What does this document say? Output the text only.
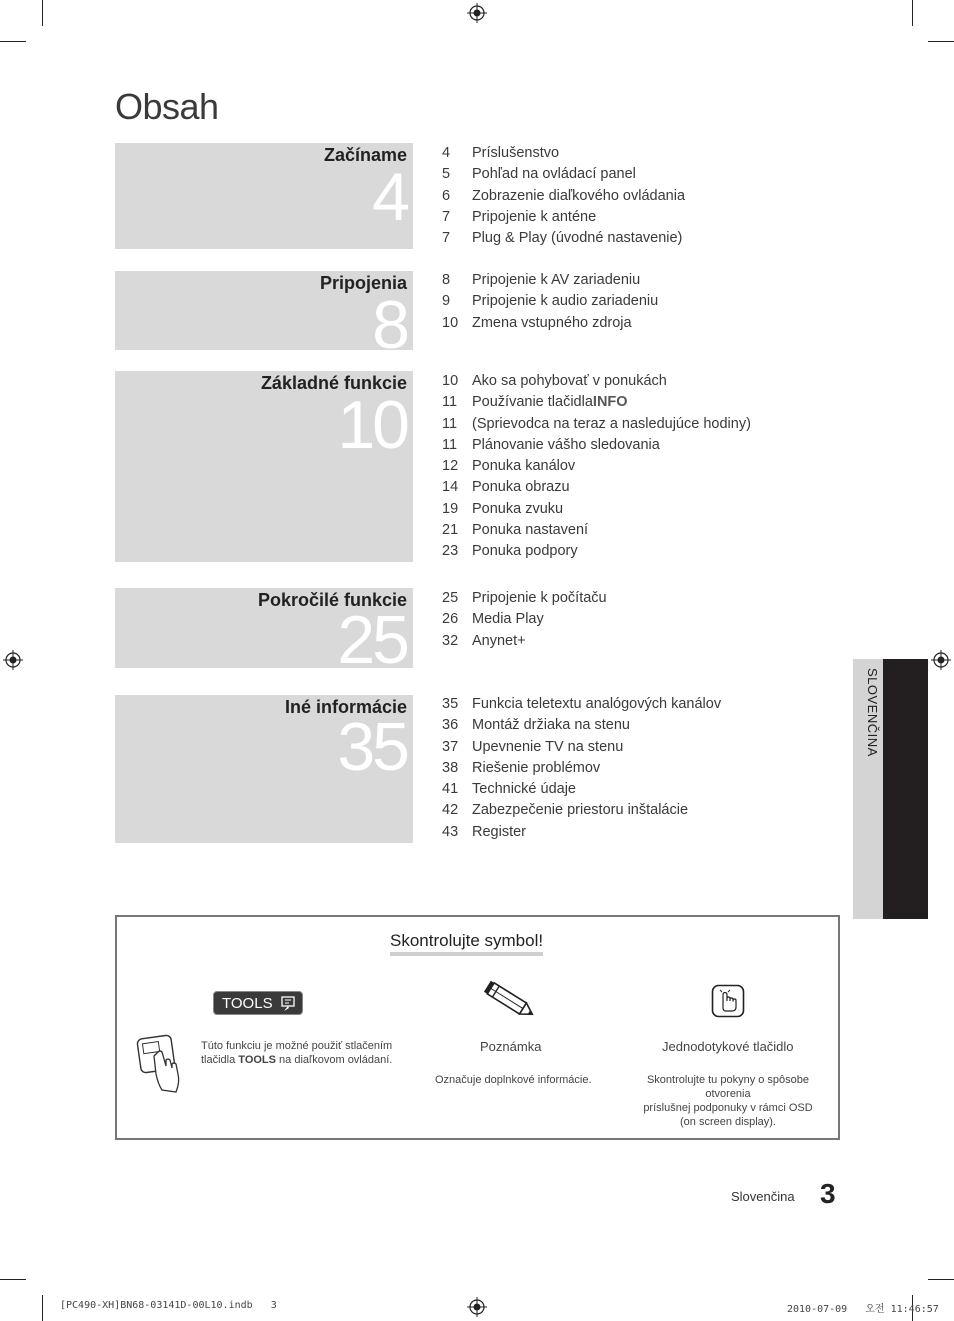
Obsah
Začíname
4
4 Príslušenstvo
5 Pohľad na ovládací panel
6 Zobrazenie diaľkového ovládania
7 Pripojenie k anténe
7 Plug & Play (úvodné nastavenie)
Pripojenia
8
8 Pripojenie k AV zariadeniu
9 Pripojenie k audio zariadeniu
10 Zmena vstupného zdroja
Základné funkcie
10
10 Ako sa pohybovať v ponukách
11 Používanie tlačidlaINFO
11 (Sprievodca na teraz a nasledujúce hodiny)
11 Plánovanie vášho sledovania
12 Ponuka kanálov
14 Ponuka obrazu
19 Ponuka zvuku
21 Ponuka nastavení
23 Ponuka podpory
Pokročilé funkcie
25
25 Pripojenie k počítaču
26 Media Play
32 Anynet+
Iné informácie
35
35 Funkcia teletextu analógových kanálov
36 Montáž držiaka na stenu
37 Upevnenie TV na stenu
38 Riešenie problémov
41 Technické údaje
42 Zabezpečenie priestoru inštalácie
43 Register
SLOVENČINA
Skontrolujte symbol!
TOOLS
Túto funkciu je možné použiť stlačením tlačidla TOOLS na diaľkovom ovládaní.
Poznámka
Označuje doplnkové informácie.
Jednodotykové tlačidlo
Skontrolujte tu pokyny o spôsobe otvorenia
príslušnej podponuky v rámci OSD
(on screen display).
Slovenčina 3
[PC490-XH]BN68-03141D-00L10.indb   3	2010-07-09   오전 11:46:57
